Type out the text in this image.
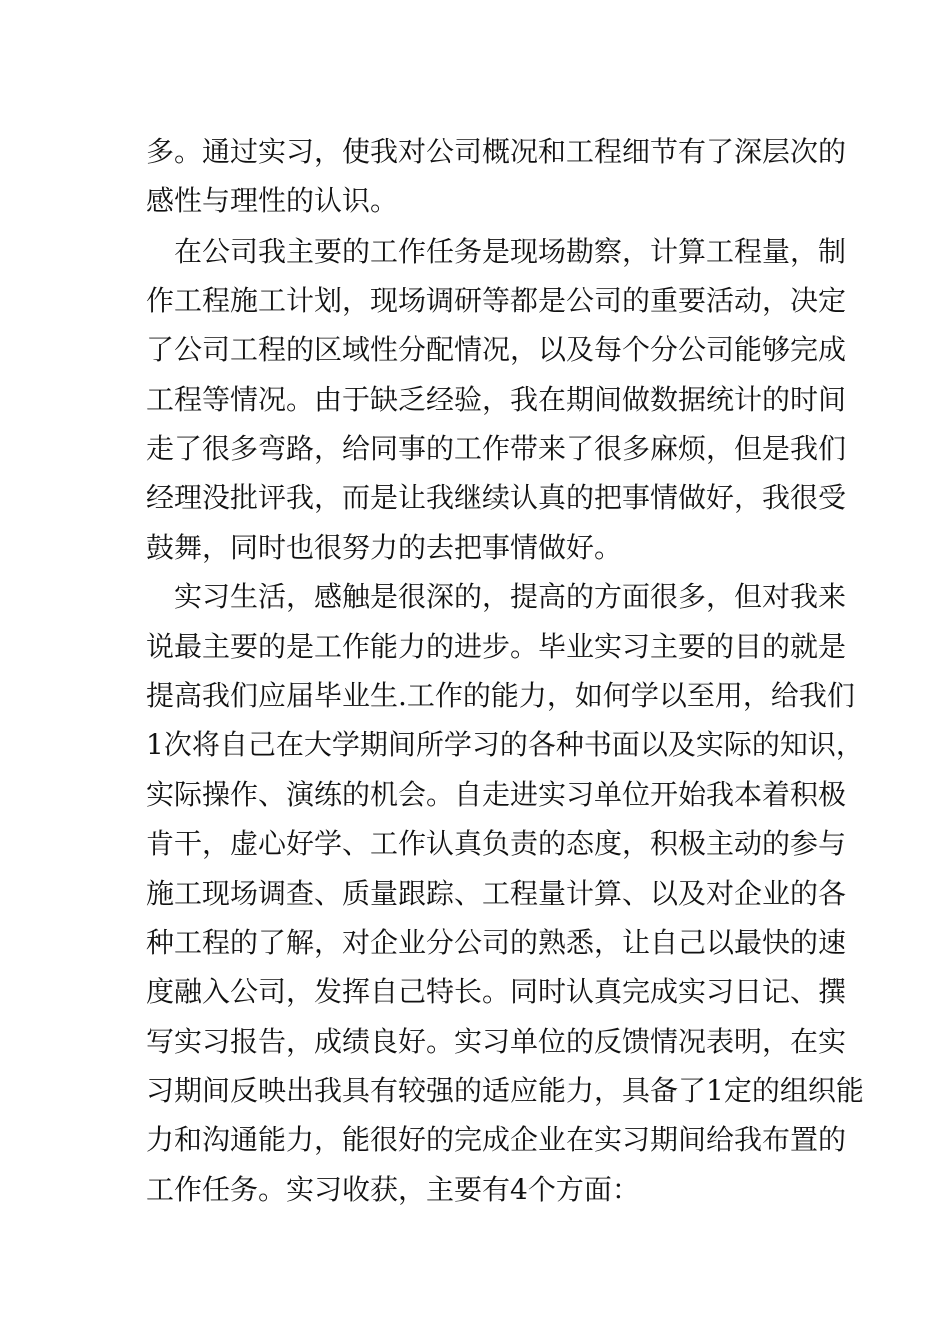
多。通过实习，使我对公司概况和工程细节有了深层次的
感性与理性的认识。
在公司我主要的工作任务是现场勘察，计算工程量，制
作工程施工计划，现场调研等都是公司的重要活动，决定
了公司工程的区域性分配情况，以及每个分公司能够完成
工程等情况。由于缺乏经验，我在期间做数据统计的时间
走了很多弯路，给同事的工作带来了很多麻烦，但是我们
经理没批评我，而是让我继续认真的把事情做好，我很受
鼓舞，同时也很努力的去把事情做好。
实习生活，感触是很深的，提高的方面很多，但对我来
说最主要的是工作能力的进步。毕业实习主要的目的就是
提高我们应届毕业生.工作的能力，如何学以至用，给我们
1次将自己在大学期间所学习的各种书面以及实际的知识，
实际操作、演练的机会。自走进实习单位开始我本着积极
肯干，虚心好学、工作认真负责的态度，积极主动的参与
施工现场调查、质量跟踪、工程量计算、以及对企业的各
种工程的了解，对企业分公司的熟悉，让自己以最快的速
度融入公司，发挥自己特长。同时认真完成实习日记、撰
写实习报告，成绩良好。实习单位的反馈情况表明，在实
习期间反映出我具有较强的适应能力，具备了1定的组织能
力和沟通能力，能很好的完成企业在实习期间给我布置的
工作任务。实习收获，主要有4个方面：
